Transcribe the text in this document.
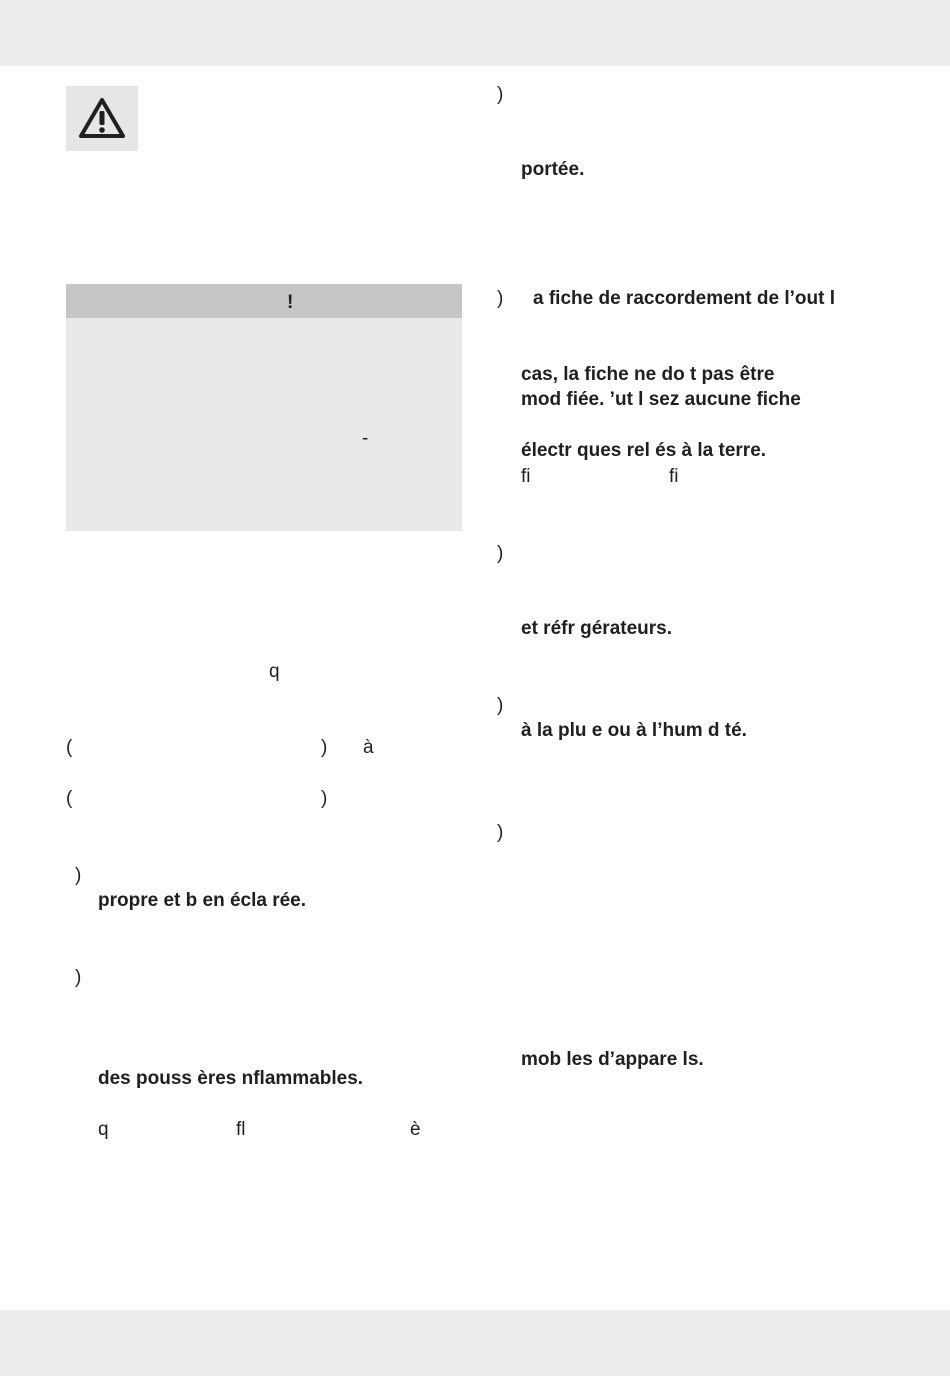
!
-
q
(	) à
(	)
)
propre et b en écla rée.
)
des pouss ères nflammables.
q	fl	è
)
portée.
) a fiche de raccordement de l’out l
cas, la fiche ne do t pas être
mod fiée. ’ut l sez aucune fiche
électr ques rel és à la terre.
fi	fi
)
et réfr gérateurs.
)
à la plu e ou à l’hum d té.
)
mob les d’appare ls.
